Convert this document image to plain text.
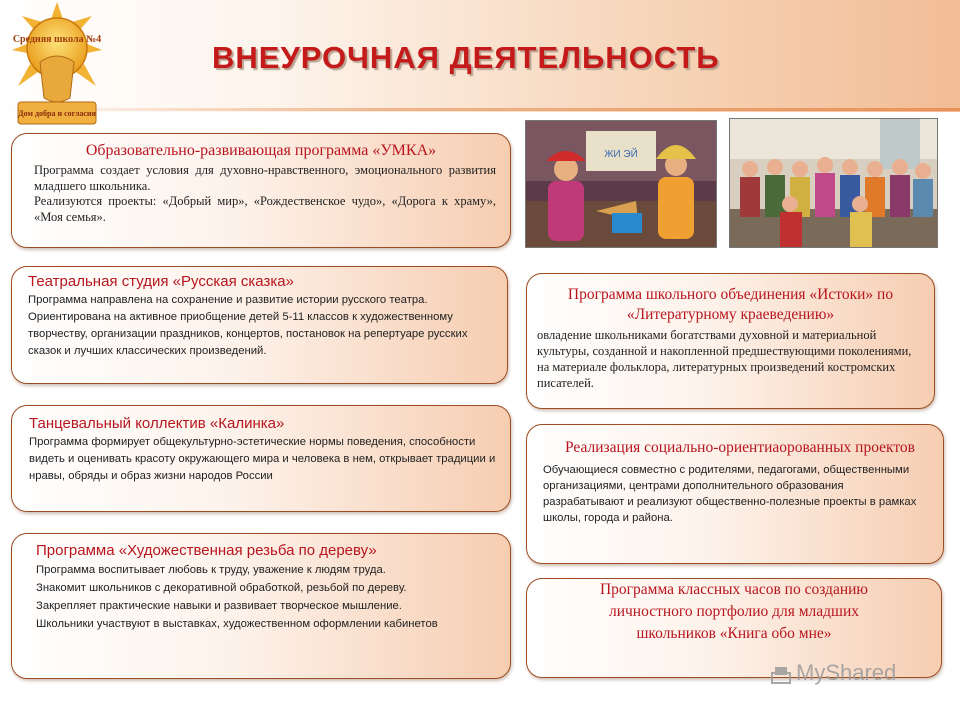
Средняя школа №4
Дом добра и согласия
ВНЕУРОЧНАЯ ДЕЯТЕЛЬНОСТЬ
Образовательно-развивающая программа «УМКА»
Программа создает условия для духовно-нравственного, эмоционального развития младшего школьника.
Реализуются проекты: «Добрый мир», «Рождественское чудо», «Дорога к храму», «Моя семья».
Театральная студия «Русская сказка»
Программа направлена на сохранение и развитие истории русского театра.
Ориентирована на активное приобщение детей 5-11 классов к художественному творчеству, организации праздников, концертов, постановок на репертуаре русских сказок и лучших классических произведений.
Танцевальный коллектив «Калинка»
Программа формирует общекультурно-эстетические нормы поведения, способности видеть и оценивать красоту окружающего мира и человека в нем, открывает традиции и нравы, обряды и образ жизни народов России
Программа «Художественная резьба по дереву»
Программа воспитывает любовь к труду, уважение к людям труда.
Знакомит школьников с декоративной обработкой, резьбой по дереву.
Закрепляет практические навыки и развивает творческое мышление.
Школьники участвуют в выставках, художественном оформлении кабинетов
ЖИ ЭЙ
Программа школьного объединения «Истоки» по «Литературному краеведению»
овладение школьниками богатствами духовной и материальной культуры, созданной и накопленной предшествующими поколениями, на материале фольклора, литературных произведений костромских писателей.
Реализация социально-ориентиаорованных проектов
Обучающиеся совместно с родителями, педагогами, общественными организациями, центрами дополнительного образования разрабатывают и реализуют общественно-полезные проекты в рамках школы, города и района.
Программа классных часов по созданию личностного портфолио для младших школьников «Книга обо мне»
MyShared
